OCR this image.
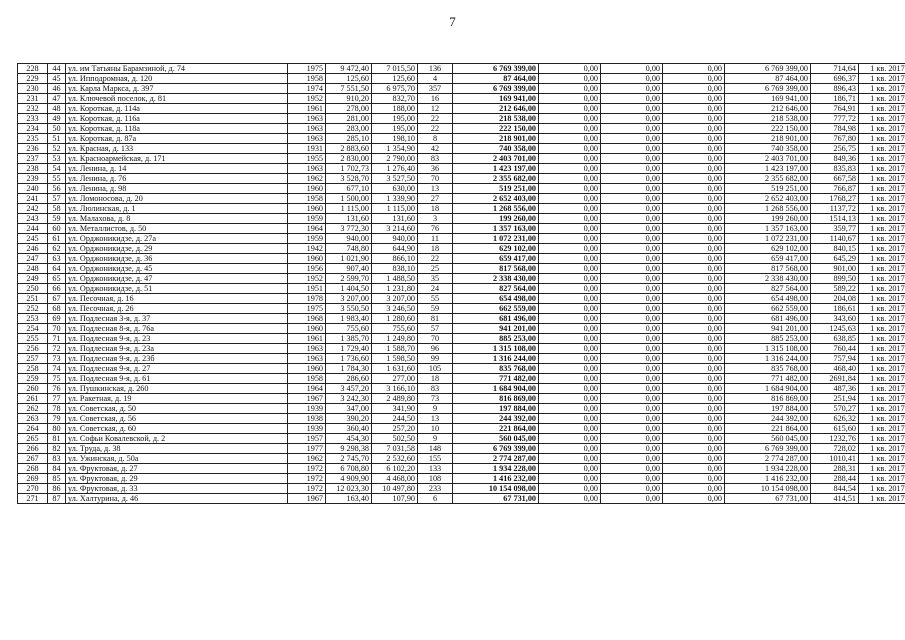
7
228	44	ул. им Татьяны Барамзиной, д. 74	1975	9 472,40	7 015,50	136	6 769 399,00	0,00	0,00	0,00	6 769 399,00	714,64	1 кв. 2017
229	45	ул. Ипподромная, д. 120	1958	125,60	125,60	4	87 464,00	0,00	0,00	0,00	87 464,00	696,37	1 кв. 2017
230	46	ул. Карла Маркса, д. 397	1974	7 551,50	6 975,70	357	6 769 399,00	0,00	0,00	0,00	6 769 399,00	896,43	1 кв. 2017
231	47	ул. Ключевой поселок, д. 81	1952	910,20	832,70	16	169 941,00	0,00	0,00	0,00	169 941,00	186,71	1 кв. 2017
232	48	ул. Короткая, д. 114а	1961	278,00	188,00	12	212 646,00	0,00	0,00	0,00	212 646,00	764,91	1 кв. 2017
233	49	ул. Короткая, д. 116а	1963	281,00	195,00	22	218 538,00	0,00	0,00	0,00	218 538,00	777,72	1 кв. 2017
234	50	ул. Короткая, д. 118а	1963	283,00	195,00	22	222 150,00	0,00	0,00	0,00	222 150,00	784,98	1 кв. 2017
235	51	ул. Короткая, д. 87а	1963	285,10	198,10	8	218 901,00	0,00	0,00	0,00	218 901,00	767,80	1 кв. 2017
236	52	ул. Красная, д. 133	1931	2 883,60	1 354,90	42	740 358,00	0,00	0,00	0,00	740 358,00	256,75	1 кв. 2017
237	53	ул. Красноармейская, д. 171	1955	2 830,00	2 790,00	83	2 403 701,00	0,00	0,00	0,00	2 403 701,00	849,36	1 кв. 2017
238	54	ул. Ленина, д. 14	1963	1 702,73	1 276,40	36	1 423 197,00	0,00	0,00	0,00	1 423 197,00	835,83	1 кв. 2017
239	55	ул. Ленина, д. 76	1962	3 528,70	3 527,50	70	2 355 682,00	0,00	0,00	0,00	2 355 682,00	667,58	1 кв. 2017
240	56	ул. Ленина, д. 98	1960	677,10	630,00	13	519 251,00	0,00	0,00	0,00	519 251,00	766,87	1 кв. 2017
241	57	ул. Ломоносова, д. 20	1958	1 500,00	1 339,90	27	2 652 403,00	0,00	0,00	0,00	2 652 403,00	1768,27	1 кв. 2017
242	58	ул. Люлинская, д. 1	1960	1 115,00	1 115,00	18	1 268 556,00	0,00	0,00	0,00	1 268 556,00	1137,72	1 кв. 2017
243	59	ул. Малахова, д. 8	1959	131,60	131,60	3	199 260,00	0,00	0,00	0,00	199 260,00	1514,13	1 кв. 2017
244	60	ул. Металлистов, д. 50	1964	3 772,30	3 214,60	76	1 357 163,00	0,00	0,00	0,00	1 357 163,00	359,77	1 кв. 2017
245	61	ул. Орджоникидзе, д. 27а	1959	940,00	940,00	11	1 072 231,00	0,00	0,00	0,00	1 072 231,00	1140,67	1 кв. 2017
246	62	ул. Орджоникидзе, д. 29	1942	748,80	644,90	18	629 102,00	0,00	0,00	0,00	629 102,00	840,15	1 кв. 2017
247	63	ул. Орджоникидзе, д. 36	1960	1 021,90	866,10	22	659 417,00	0,00	0,00	0,00	659 417,00	645,29	1 кв. 2017
248	64	ул. Орджоникидзе, д. 45	1956	907,40	838,10	25	817 568,00	0,00	0,00	0,00	817 568,00	901,00	1 кв. 2017
249	65	ул. Орджоникидзе, д. 47	1952	2 599,70	1 488,50	35	2 338 430,00	0,00	0,00	0,00	2 338 430,00	899,50	1 кв. 2017
250	66	ул. Орджоникидзе, д. 51	1951	1 404,50	1 231,80	24	827 564,00	0,00	0,00	0,00	827 564,00	589,22	1 кв. 2017
251	67	ул. Песочная, д. 16	1978	3 207,00	3 207,00	55	654 498,00	0,00	0,00	0,00	654 498,00	204,08	1 кв. 2017
252	68	ул. Песочная, д. 26	1975	3 550,50	3 246,50	59	662 559,00	0,00	0,00	0,00	662 559,00	186,61	1 кв. 2017
253	69	ул. Подлесная 3-я, д. 37	1968	1 983,40	1 280,60	81	681 496,00	0,00	0,00	0,00	681 496,00	343,60	1 кв. 2017
254	70	ул. Подлесная 8-я, д. 76а	1960	755,60	755,60	57	941 201,00	0,00	0,00	0,00	941 201,00	1245,63	1 кв. 2017
255	71	ул. Подлесная 9-я, д. 23	1961	1 385,70	1 249,80	70	885 253,00	0,00	0,00	0,00	885 253,00	638,85	1 кв. 2017
256	72	ул. Подлесная 9-я, д. 23а	1963	1 729,40	1 588,70	96	1 315 108,00	0,00	0,00	0,00	1 315 108,00	760,44	1 кв. 2017
257	73	ул. Подлесная 9-я, д. 23б	1963	1 736,60	1 598,50	99	1 316 244,00	0,00	0,00	0,00	1 316 244,00	757,94	1 кв. 2017
258	74	ул. Подлесная 9-я, д. 27	1960	1 784,30	1 631,60	105	835 768,00	0,00	0,00	0,00	835 768,00	468,40	1 кв. 2017
259	75	ул. Подлесная 9-я, д. 61	1958	286,60	277,00	18	771 482,00	0,00	0,00	0,00	771 482,00	2691,84	1 кв. 2017
260	76	ул. Пушкинская, д. 260	1964	3 457,20	3 166,10	83	1 684 904,00	0,00	0,00	0,00	1 684 904,00	487,36	1 кв. 2017
261	77	ул. Ракетная, д. 19	1967	3 242,30	2 489,80	73	816 869,00	0,00	0,00	0,00	816 869,00	251,94	1 кв. 2017
262	78	ул. Советская, д. 50	1939	347,00	341,90	9	197 884,00	0,00	0,00	0,00	197 884,00	570,27	1 кв. 2017
263	79	ул. Советская, д. 56	1938	390,20	244,50	13	244 392,00	0,00	0,00	0,00	244 392,00	626,32	1 кв. 2017
264	80	ул. Советская, д. 60	1939	360,40	257,20	10	221 864,00	0,00	0,00	0,00	221 864,00	615,60	1 кв. 2017
265	81	ул. Софьи Ковалевской, д. 2	1957	454,30	502,50	9	560 045,00	0,00	0,00	0,00	560 045,00	1232,76	1 кв. 2017
266	82	ул. Труда, д. 38	1977	9 298,38	7 031,58	148	6 769 399,00	0,00	0,00	0,00	6 769 399,00	728,02	1 кв. 2017
267	83	ул. Ужинская, д. 50а	1962	2 745,70	2 532,60	155	2 774 287,00	0,00	0,00	0,00	2 774 287,00	1010,41	1 кв. 2017
268	84	ул. Фруктовая, д. 27	1972	6 708,80	6 102,20	133	1 934 228,00	0,00	0,00	0,00	1 934 228,00	288,31	1 кв. 2017
269	85	ул. Фруктовая, д. 29	1972	4 909,90	4 468,00	108	1 416 232,00	0,00	0,00	0,00	1 416 232,00	288,44	1 кв. 2017
270	86	ул. Фруктовая, д. 33	1972	12 023,30	10 497,80	233	10 154 098,00	0,00	0,00	0,00	10 154 098,00	844,54	1 кв. 2017
271	87	ул. Халтурина, д. 46	1967	163,40	107,90	6	67 731,00	0,00	0,00	0,00	67 731,00	414,51	1 кв. 2017
